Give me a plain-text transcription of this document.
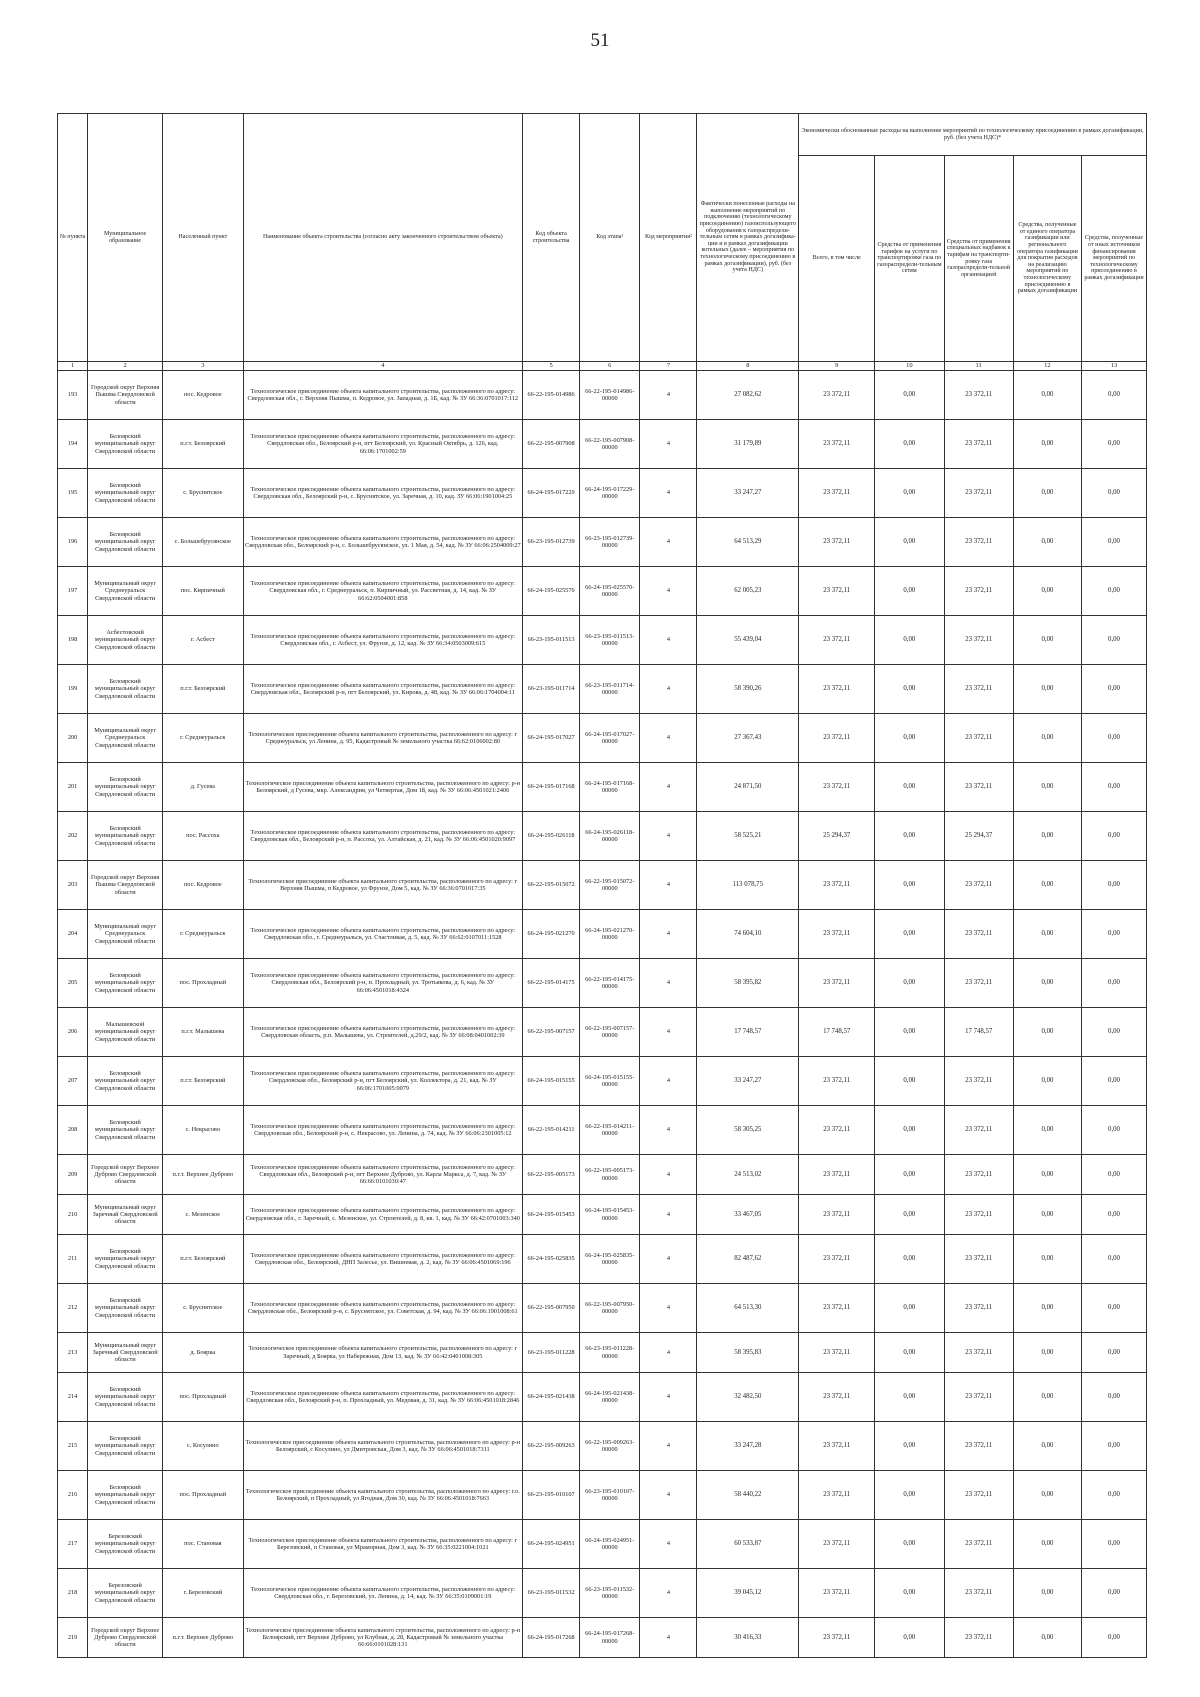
51
№ пункта	Муниципальное образование	Населенный пункт	Наименование объекта строительства (согласно акту законченного строительством объекта)	Код объекта строительства	Код этапа¹	Код мероприятия²	Фактически понесенные расходы на выполнение мероприятий по подключению (технологическому присоединению) газоиспользующего оборудования к газораспредели-тельным сетям в рамках догазифика-ции и в рамках догазификации котельных (далее – мероприятия по технологическому присоединению в рамках догазификации), руб. (без учета НДС)	Экономически обоснованные расходы на выполнение мероприятий по технологическому присоединению в рамках догазификации, руб. (без учета НДС)*				
								Всего, в том числе	Средства от применения тарифов на услуги по транспортировке газа по газораспредели-тельным сетям	Средства от применения специальных надбавок к тарифам на транспорти-ровку газа газораспредели-тельной организацией	Средства, полученные от единого оператора газификации или регионального оператора газификации для покрытия расходов на реализацию мероприятий по технологическому присоединению в рамках догазификации	Средства, полученные от иных источников финансирования мероприятий по технологическому присоединению в рамках догазификации
1	2	3	4	5	6	7	8	9	10	11	12	13
193	Городской округ Верхняя Пышма Свердловской области	пос. Кедровое	Технологическое присоединение объекта капитального строительства, расположенного по адресу: Свердловская обл., г. Верхняя Пышма, п. Кедровое, ул. Западная, д. 1Б, кад. № ЗУ 66:36:0701017:112	66-22-195-014986	66-22-195-014986-00000	4	27 082,62	23 372,11	0,00	23 372,11	0,00	0,00
194	Белоярский муниципальный округ Свердловской области	п.г.т. Белоярский	Технологическое присоединение объекта капитального строительства, расположенного по адресу: Свердловская обл., Белоярский р-н, пгт Белоярский, ул. Красный Октябрь, д. 126, кад. 66:06:1701002:59	66-22-195-007908	66-22-195-007908-00000	4	31 179,89	23 372,11	0,00	23 372,11	0,00	0,00
195	Белоярский муниципальный округ Свердловской области	с. Бруснятское	Технологическое присоединение объекта капитального строительства, расположенного по адресу: Свердловская обл., Белоярский р-н, с. Бруснятское, ул. Заречная, д. 10, кад. ЗУ 66:06:1901004:25	66-24-195-017229	66-24-195-017229-00000	4	33 247,27	23 372,11	0,00	23 372,11	0,00	0,00
196	Белоярский муниципальный округ Свердловской области	с. Большебрусянское	Технологическое присоединение объекта капитального строительства, расположенного по адресу: Свердловская обл., Белоярский р-н, с. Большебрусянское, ул. 1 Мая, д. 54, кад. № ЗУ 66:06:2504009:27	66-23-195-012739	66-23-195-012739-00000	4	64 513,29	23 372,11	0,00	23 372,11	0,00	0,00
197	Муниципальный округ Среднеуральск Свердловской области	пос. Кирпичный	Технологическое присоединение объекта капитального строительства, расположенного по адресу: Свердловская обл., г. Среднеуральск, п. Кирпичный, ул. Рассветная, д. 14, кад. № ЗУ 66:62:0504001:858	66-24-195-025570	66-24-195-025570-00000	4	62 005,23	23 372,11	0,00	23 372,11	0,00	0,00
198	Асбестовский муниципальный округ Свердловской области	г. Асбест	Технологическое присоединение объекта капитального строительства, расположенного по адресу: Свердловская обл., г. Асбест, ул. Фрунзе, д. 12, кад. № ЗУ 66:34:0503009:615	66-23-195-011513	66-23-195-011513-00000	4	55 439,04	23 372,11	0,00	23 372,11	0,00	0,00
199	Белоярский муниципальный округ Свердловской области	п.г.т. Белоярский	Технологическое присоединение объекта капитального строительства, расположенного по адресу: Свердловская обл., Белоярский р-н, пгт Белоярский, ул. Кирова, д. 48, кад. № ЗУ 66:06:1704004:11	66-23-195-011714	66-23-195-011714-00000	4	58 390,26	23 372,11	0,00	23 372,11	0,00	0,00
200	Муниципальный округ Среднеуральск Свердловской области	г. Среднеуральск	Технологическое присоединение объекта капитального строительства, расположенного по адресу: г Среднеуральск, ул Ленина, д. 95, Кадастровый № земельного участка 66:62:0106002:80	66-24-195-017027	66-24-195-017027-00000	4	27 367,43	23 372,11	0,00	23 372,11	0,00	0,00
201	Белоярский муниципальный округ Свердловской области	д. Гусева	Технологическое присоединение объекта капитального строительства, расположенного по адресу: р-н Белоярский, д Гусева, мкр. Александрия, ул Четвертая, Дом 18, кад. № ЗУ 66:06:4501021:2406	66-24-195-017168	66-24-195-017168-00000	4	24 871,50	23 372,11	0,00	23 372,11	0,00	0,00
202	Белоярский муниципальный округ Свердловской области	пос. Рассоха	Технологическое присоединение объекта капитального строительства, расположенного по адресу: Свердловская обл., Белоярский р-н, п. Рассоха, ул. Алтайская, д. 21, кад. № ЗУ 66:06:4501020:9097	66-24-195-026118	66-24-195-026118-00000	4	58 525,21	25 294,37	0,00	25 294,37	0,00	0,00
203	Городской округ Верхняя Пышма Свердловской области	пос. Кедровое	Технологическое присоединение объекта капитального строительства, расположенного по адресу: г Верхняя Пышма, п Кедровое, ул Фрунзе, Дом 5, кад. № ЗУ 66:36:0701017:35	66-22-195-015072	66-22-195-015072-00000	4	113 078,75	23 372,11	0,00	23 372,11	0,00	0,00
204	Муниципальный округ Среднеуральск Свердловской области	г. Среднеуральск	Технологическое присоединение объекта капитального строительства, расположенного по адресу: Свердловская обл., г. Среднеуральск, ул. Счастливая, д. 5, кад. № ЗУ 66:62:0107011:1528	66-24-195-021270	66-24-195-021270-00000	4	74 604,10	23 372,11	0,00	23 372,11	0,00	0,00
205	Белоярский муниципальный округ Свердловской области	пос. Прохладный	Технологическое присоединение объекта капитального строительства, расположенного по адресу: Свердловская обл., Белоярский р-н, п. Прохладный, ул. Тротьякова, д. 6, кад. № ЗУ 66:06:4501018:4324	66-22-195-014175	66-22-195-014175-00000	4	58 395,82	23 372,11	0,00	23 372,11	0,00	0,00
206	Малышевской муниципальный округ Свердловской области	п.г.т. Малышева	Технологическое присоединение объекта капитального строительства, расположенного по адресу: Свердловская область, р.п. Малышева, ул. Строителей, д.29/2, кад. № ЗУ 66:08:0401002:39	66-22-195-007157	66-22-195-007157-00000	4	17 748,57	17 748,57	0,00	17 748,57	0,00	0,00
207	Белоярский муниципальный округ Свердловской области	п.г.т. Белоярский	Технологическое присоединение объекта капитального строительства, расположенного по адресу: Свердловская обл., Белоярский р-н, пгт Белоярский, ул. Коллектора, д. 21, кад. № ЗУ 66:06:1701005:0079	66-24-195-015155	66-24-195-015155-00000	4	33 247,27	23 372,11	0,00	23 372,11	0,00	0,00
208	Белоярский муниципальный округ Свердловской области	с. Некрасово	Технологическое присоединение объекта капитального строительства, расположенного по адресу: Свердловская обл., Белоярский р-н, с. Некрасово, ул. Ленина, д. 74, кад. № ЗУ 66:06:2301005:12	66-22-195-014211	66-22-195-014211-00000	4	58 305,25	23 372,11	0,00	23 372,11	0,00	0,00
209	Городской округ Верхнее Дуброво Свердловской области	п.г.т. Верхнее Дуброво	Технологическое присоединение объекта капитального строительства, расположенного по адресу: Свердловская обл., Белоярский р-н, пгт Верхнее Дуброво, ул. Карла Маркса, д. 7, кад. № ЗУ 66:66:0101030:47	66-22-195-005173	66-22-195-005173-00000	4	24 513,02	23 372,11	0,00	23 372,11	0,00	0,00
210	Муниципальный округ Заречный Свердловской области	с. Мезенское	Технологическое присоединение объекта капитального строительства, расположенного по адресу: Свердловская обл., г. Заречный, с. Мезенское, ул. Строителей, д. 8, кв. 1, кад. № ЗУ 66:42:0701003:340	66-24-195-015453	66-24-195-015453-00000	4	33 467,05	23 372,11	0,00	23 372,11	0,00	0,00
211	Белоярский муниципальный округ Свердловской области	п.г.т. Белоярский	Технологическое присоединение объекта капитального строительства, расположенного по адресу: Свердловская обл., Белоярский, ДНП Залесье, ул. Вишневая, д. 2, кад. № ЗУ 66:06:4501069:196	66-24-195-025835	66-24-195-025835-00000	4	82 487,62	23 372,11	0,00	23 372,11	0,00	0,00
212	Белоярский муниципальный округ Свердловской области	с. Бруснятское	Технологическое присоединение объекта капитального строительства, расположенного по адресу: Свердловская обл., Белоярский р-н, с. Бруснятское, ул. Советская, д. 94, кад. № ЗУ 66:06:1901008:61	66-22-195-007950	66-22-195-007950-00000	4	64 513,30	23 372,11	0,00	23 372,11	0,00	0,00
213	Муниципальный округ Заречный Свердловской области	д. Боярка	Технологическое присоединение объекта капитального строительства, расположенного по адресу: г Заречный, д Боярка, ул Набережная, Дом 13, кад. № ЗУ 66:42:0401008:305	66-23-195-011228	66-23-195-011228-00000	4	58 395,83	23 372,11	0,00	23 372,11	0,00	0,00
214	Белоярский муниципальный округ Свердловской области	пос. Прохладный	Технологическое присоединение объекта капитального строительства, расположенного по адресу: Свердловская обл., Белоярский р-н, п. Прохладный, ул. Медовая, д. 31, кад. № ЗУ 66:06:4501018:2846	66-24-195-021438	66-24-195-021438-00000	4	32 482,50	23 372,11	0,00	23 372,11	0,00	0,00
215	Белоярский муниципальный округ Свердловской области	с. Косулино	Технологическое присоединение объекта капитального строительства, расположенного по адресу: р-н Белоярский, с Косулино, ул Дмитровская, Дом 3, кад. № ЗУ 66:06:4501018:7311	66-22-195-009263	66-22-195-009263-00000	4	33 247,28	23 372,11	0,00	23 372,11	0,00	0,00
216	Белоярский муниципальный округ Свердловской области	пос. Прохладный	Технологическое присоединение объекта капитального строительства, расположенного по адресу: г.о. Белоярский, п Прохладный, ул Ягодная, Дом 30, кад. № ЗУ 66:06:4501018:7663	66-23-195-010107	66-23-195-010107-00000	4	58 440,22	23 372,11	0,00	23 372,11	0,00	0,00
217	Березовский муниципальный округ Свердловской области	пос. Становая	Технологическое присоединение объекта капитального строительства, расположенного по адресу: г Березовский, п Становая, ул Мраморная, Дом 3, кад. № ЗУ 66:35:0221004:1021	66-24-195-024951	66-24-195-024951-00000	4	60 533,87	23 372,11	0,00	23 372,11	0,00	0,00
218	Березовский муниципальный округ Свердловской области	г. Березовский	Технологическое присоединение объекта капитального строительства, расположенного по адресу: Свердловская обл., г. Березовский, ул. Ленина, д. 14, кад. № ЗУ 66:35:0109001:19	66-23-195-011532	66-23-195-011532-00000	4	39 045,12	23 372,11	0,00	23 372,11	0,00	0,00
219	Городской округ Верхнее Дуброво Свердловской области	п.г.т. Верхнее Дуброво	Технологическое присоединение объекта капитального строительства, расположенного по адресу: р-н Белоярский, пгт Верхнее Дуброво, ул Клубная, д. 28, Кадастровый № земельного участка 66:66:0101028:131	66-24-195-017268	66-24-195-017268-00000	4	30 416,33	23 372,11	0,00	23 372,11	0,00	0,00
